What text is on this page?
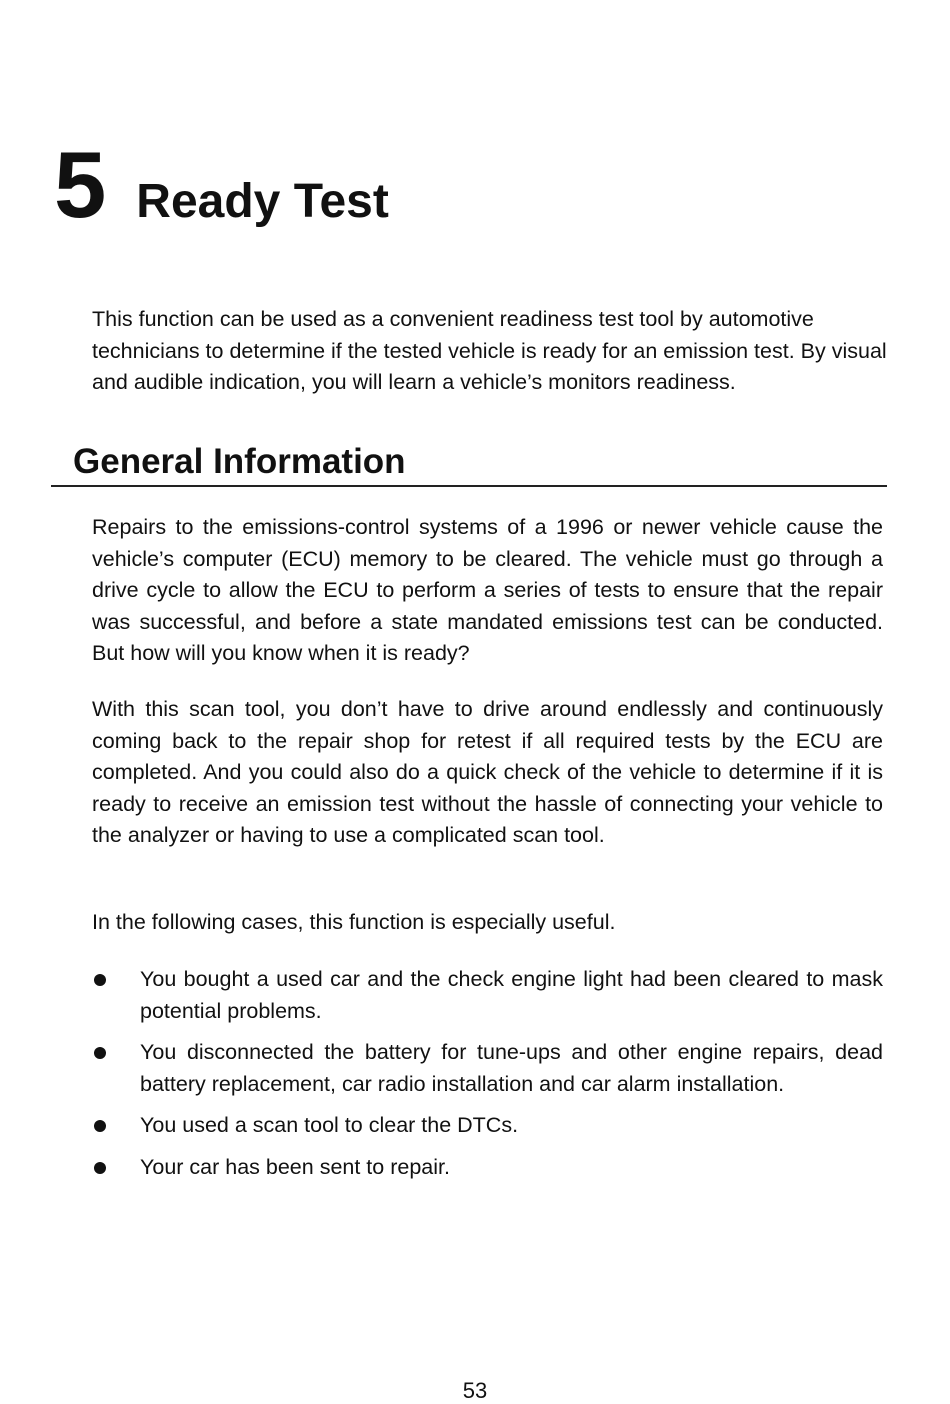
5 Ready Test

This function can be used as a convenient readiness test tool by automotive technicians to determine if the tested vehicle is ready for an emission test. By visual and audible indication, you will learn a vehicle’s monitors readiness.

General Information

Repairs to the emissions-control systems of a 1996 or newer vehicle cause the vehicle’s computer (ECU) memory to be cleared. The vehicle must go through a drive cycle to allow the ECU to perform a series of tests to ensure that the repair was successful, and before a state mandated emissions test can be conducted. But how will you know when it is ready?

With this scan tool, you don’t have to drive around endlessly and continuously coming back to the repair shop for retest if all required tests by the ECU are completed. And you could also do a quick check of the vehicle to determine if it is ready to receive an emission test without the hassle of connecting your vehicle to the analyzer or having to use a complicated scan tool.

In the following cases, this function is especially useful.

You bought a used car and the check engine light had been cleared to mask potential problems.
You disconnected the battery for tune-ups and other engine repairs, dead battery replacement, car radio installation and car alarm installation.
You used a scan tool to clear the DTCs.
Your car has been sent to repair.
53
